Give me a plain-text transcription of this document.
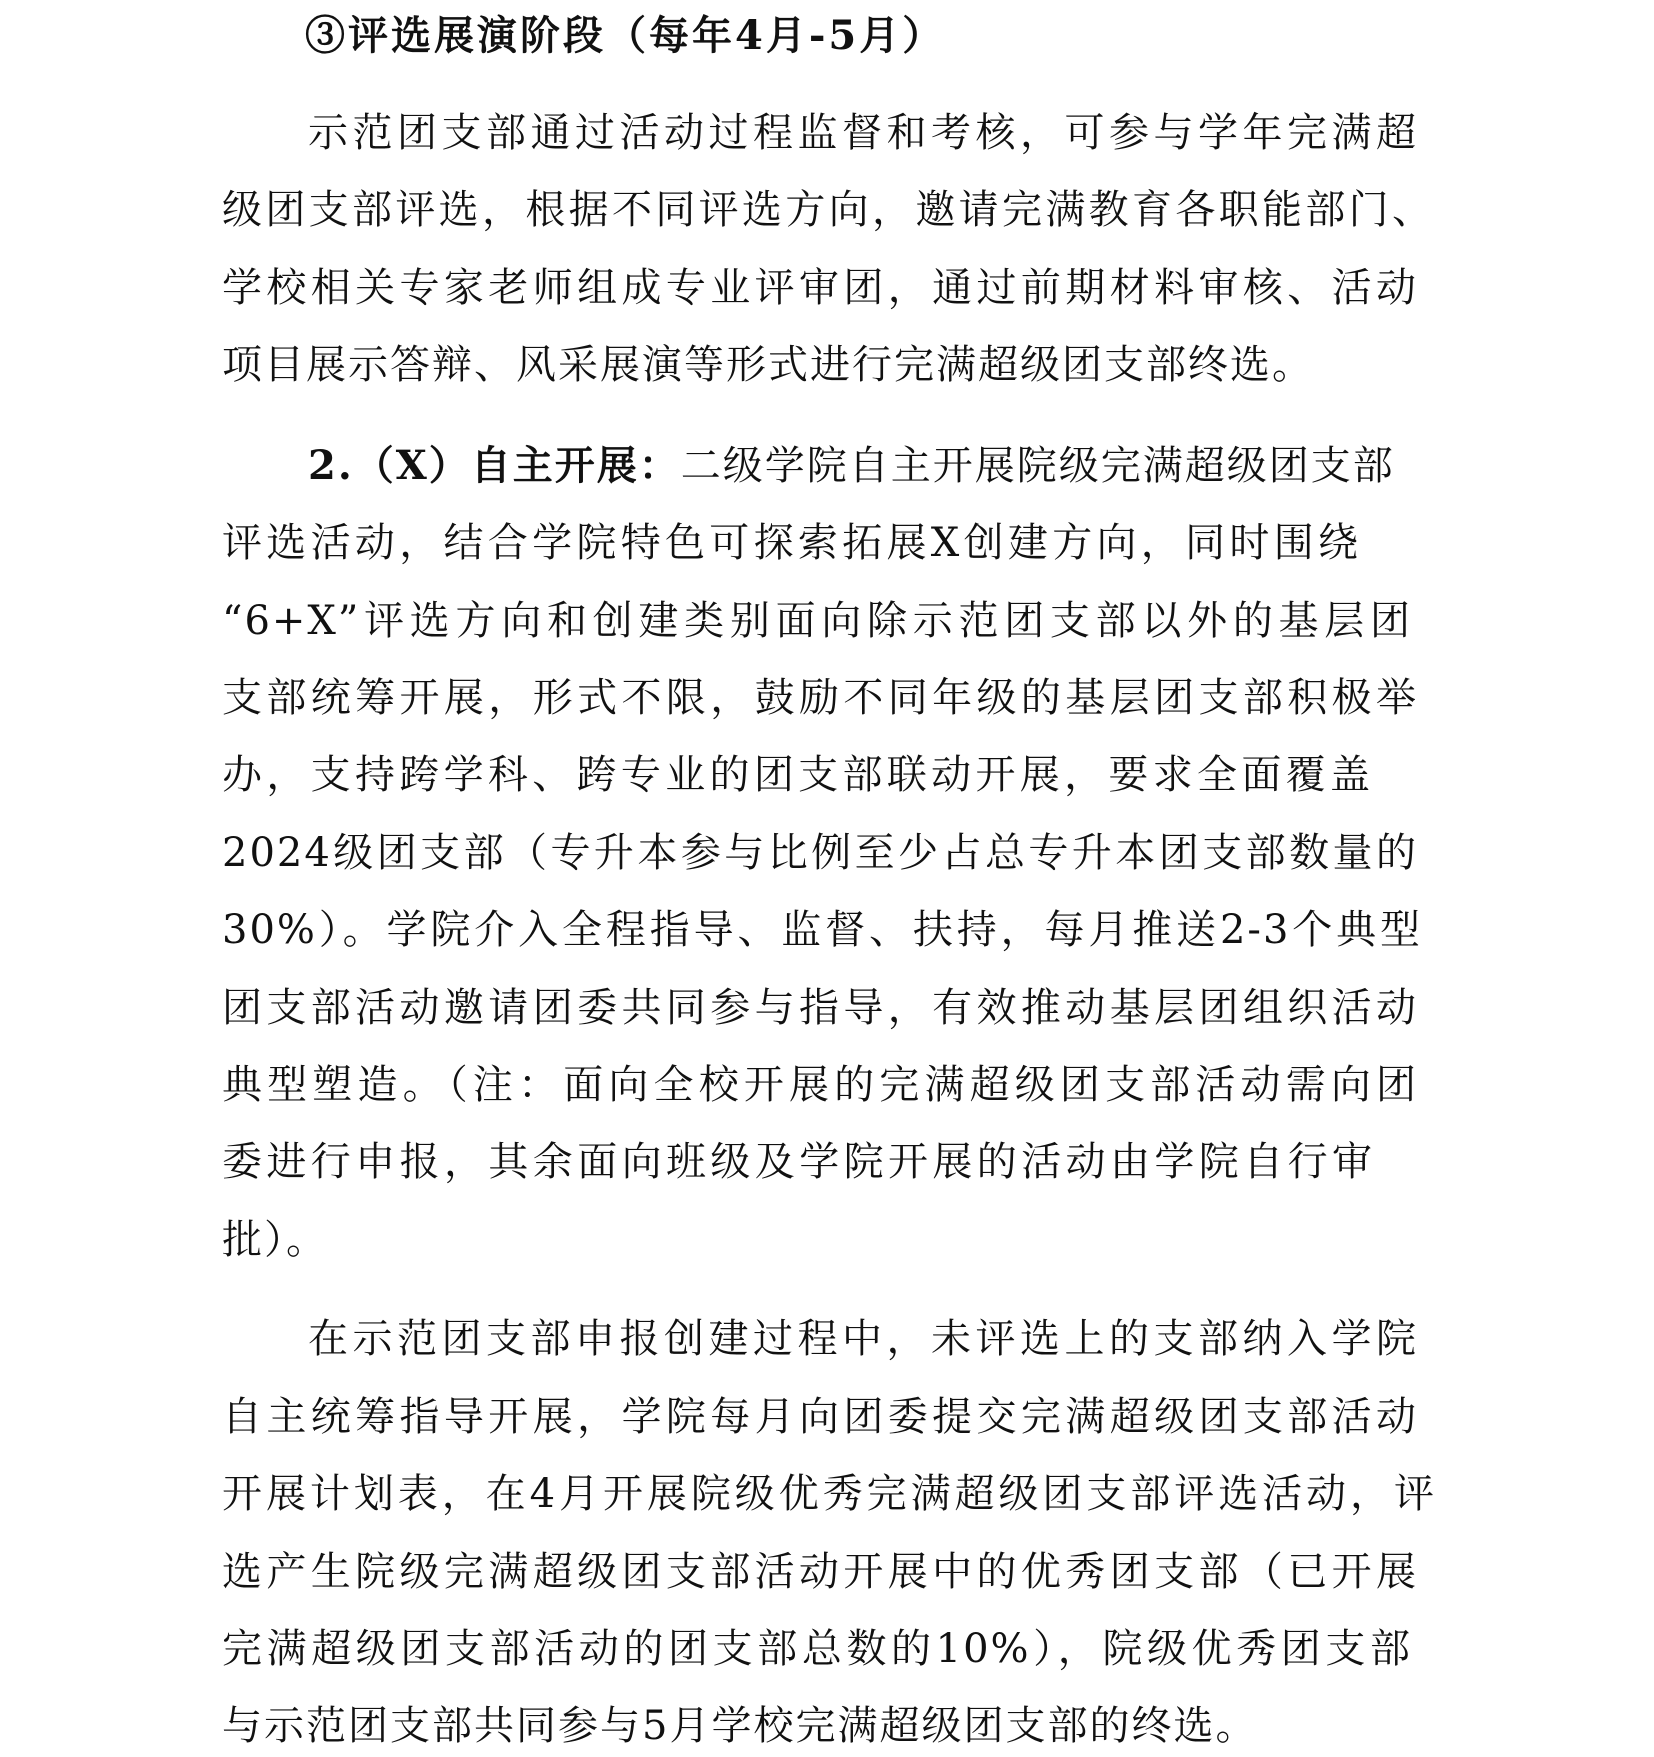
③评选展演阶段（每年4月-5月）
示范团支部通过活动过程监督和考核，可参与学年完满超
级团支部评选，根据不同评选方向，邀请完满教育各职能部门、
学校相关专家老师组成专业评审团，通过前期材料审核、活动
项目展示答辩、风采展演等形式进行完满超级团支部终选。
2.（X）自主开展：二级学院自主开展院级完满超级团支部
评选活动，结合学院特色可探索拓展X创建方向，同时围绕
“6+X”评选方向和创建类别面向除示范团支部以外的基层团
支部统筹开展，形式不限，鼓励不同年级的基层团支部积极举
办，支持跨学科、跨专业的团支部联动开展，要求全面覆盖
2024级团支部（专升本参与比例至少占总专升本团支部数量的
30%）。学院介入全程指导、监督、扶持，每月推送2-3个典型
团支部活动邀请团委共同参与指导，有效推动基层团组织活动
典型塑造。（注：面向全校开展的完满超级团支部活动需向团
委进行申报，其余面向班级及学院开展的活动由学院自行审
批）。
在示范团支部申报创建过程中，未评选上的支部纳入学院
自主统筹指导开展，学院每月向团委提交完满超级团支部活动
开展计划表，在4月开展院级优秀完满超级团支部评选活动，评
选产生院级完满超级团支部活动开展中的优秀团支部（已开展
完满超级团支部活动的团支部总数的10%），院级优秀团支部
与示范团支部共同参与5月学校完满超级团支部的终选。
